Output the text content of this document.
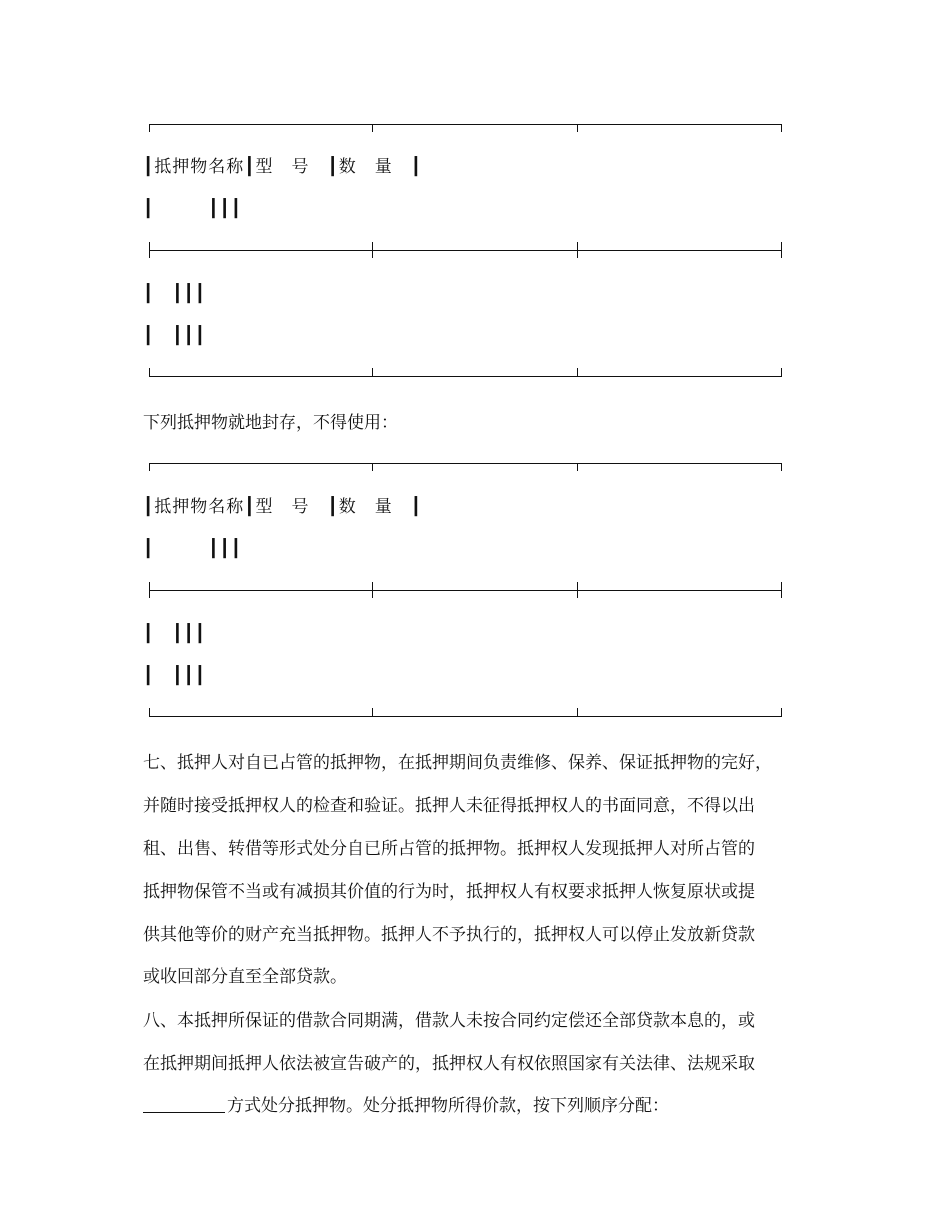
┃抵押物名称┃型　号　┃数　量　┃
┃　　　┃┃┃
┃　┃┃┃
┃　┃┃┃
下列抵押物就地封存，不得使用：
┃抵押物名称┃型　号　┃数　量　┃
┃　　　┃┃┃
┃　┃┃┃
┃　┃┃┃
七、抵押人对自已占管的抵押物，在抵押期间负责维修、保养、保证抵押物的完好，
并随时接受抵押权人的检查和验证。抵押人未征得抵押权人的书面同意，不得以出
租、出售、转借等形式处分自已所占管的抵押物。抵押权人发现抵押人对所占管的
抵押物保管不当或有减损其价值的行为时，抵押权人有权要求抵押人恢复原状或提
供其他等价的财产充当抵押物。抵押人不予执行的，抵押权人可以停止发放新贷款
或收回部分直至全部贷款。
八、本抵押所保证的借款合同期满，借款人未按合同约定偿还全部贷款本息的，或
在抵押期间抵押人依法被宣告破产的，抵押权人有权依照国家有关法律、法规采取
方式处分抵押物。处分抵押物所得价款，按下列顺序分配：
